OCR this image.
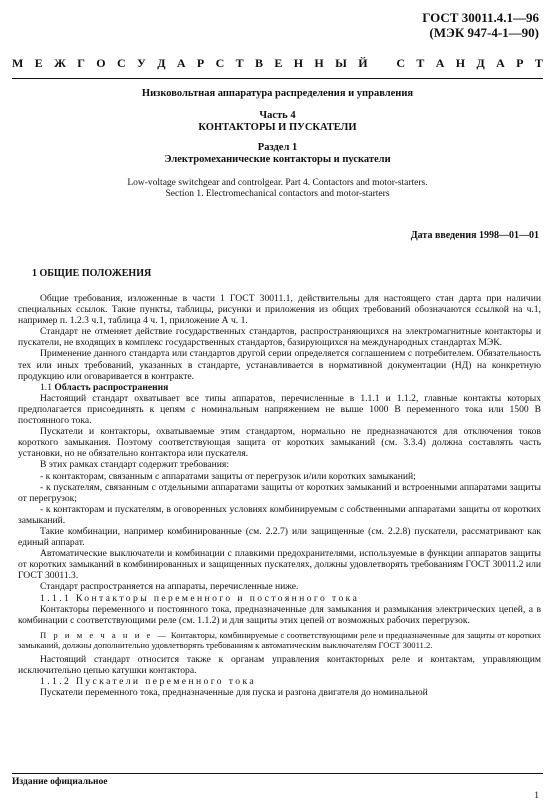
ГОСТ 30011.4.1—96
(МЭК 947-4-1—90)
М Е Ж Г О С У Д А Р С Т В Е Н Н Ы Й С Т А Н Д А Р Т
Низковольтная аппаратура распределения и управления
Часть 4
КОНТАКТОРЫ И ПУСКАТЕЛИ
Раздел 1
Электромеханические контакторы и пускатели
Low-voltage switchgear and controlgear. Part 4. Contactors and motor-starters.
Section 1. Electromechanical contactors and motor-starters
Дата введения 1998—01—01
1 ОБЩИЕ ПОЛОЖЕНИЯ

Общие требования, изложенные в части 1 ГОСТ 30011.1, действительны для настоящего стан дарта при наличии специальных ссылок. Такие пункты, таблицы, рисунки и приложения из общих требований обозначаются ссылкой на ч.1, например п. 1.2.3 ч.1, таблица 4 ч. 1, приложение А ч. 1.

Стандарт не отменяет действие государственных стандартов, распространяющихся на электромагнитные контакторы и пускатели, не входящих в комплекс государственных стандартов, базирующихся на международных стандартах МЭК.

Применение данного стандарта или стандартов другой серии определяется соглашением с потребителем. Обязательность тех или иных требований, указанных в стандарте, устанавливается в нормативной документации (НД) на конкретную продукцию или оговаривается в контракте.

1.1 Область распространения

Настоящий стандарт охватывает все типы аппаратов, перечисленные в 1.1.1 и 1.1.2, главные контакты которых предполагается присоединять к цепям с номинальным напряжением не выше 1000 В переменного тока или 1500 В постоянного тока.

Пускатели и контакторы, охватываемые этим стандартом, нормально не предназначаются для отключения токов короткого замыкания. Поэтому соответствующая защита от коротких замыканий (см. 3.3.4) должна составлять часть установки, но не обязательно контактора или пускателя.

В этих рамках стандарт содержит требования:

- к контакторам, связанным с аппаратами защиты от перегрузок и/или коротких замыканий;

- к пускателям, связанным с отдельными аппаратами защиты от коротких замыканий и встроенными аппаратами защиты от перегрузок;

- к контакторам и пускателям, в оговоренных условиях комбинируемым с собственными аппаратами защиты от коротких замыканий.

Такие комбинации, например комбинированные (см. 2.2.7) или защищенные (см. 2.2.8) пускатели, рассматривают как единый аппарат.

Автоматические выключатели и комбинации с плавкими предохранителями, используемые в функции аппаратов защиты от коротких замыканий в комбинированных и защищенных пускателях, должны удовлетворять требованиям ГОСТ 30011.2 или ГОСТ 30011.3.

Стандарт распространяется на аппараты, перечисленные ниже.

1.1.1 Контакторы переменного и постоянного тока

Контакторы переменного и постоянного тока, предназначенные для замыкания и размыкания электрических цепей, а в комбинации с соответствующими реле (см. 1.1.2) и для защиты этих цепей от возможных рабочих перегрузок.

П р и м е ч а н и е — Контакторы, комбинируемые с соответствующими реле и предназначенные для защиты от коротких замыканий, должны дополнительно удовлетворять требованиям к автоматическим выключателям ГОСТ 30011.2.

Настоящий стандарт относится также к органам управления контакторных реле и контактам, управляющим исключительно цепью катушки контактора.

1.1.2 Пускатели переменного тока

Пускатели переменного тока, предназначенные для пуска и разгона двигателя до номинальной

Издание официальное
1
